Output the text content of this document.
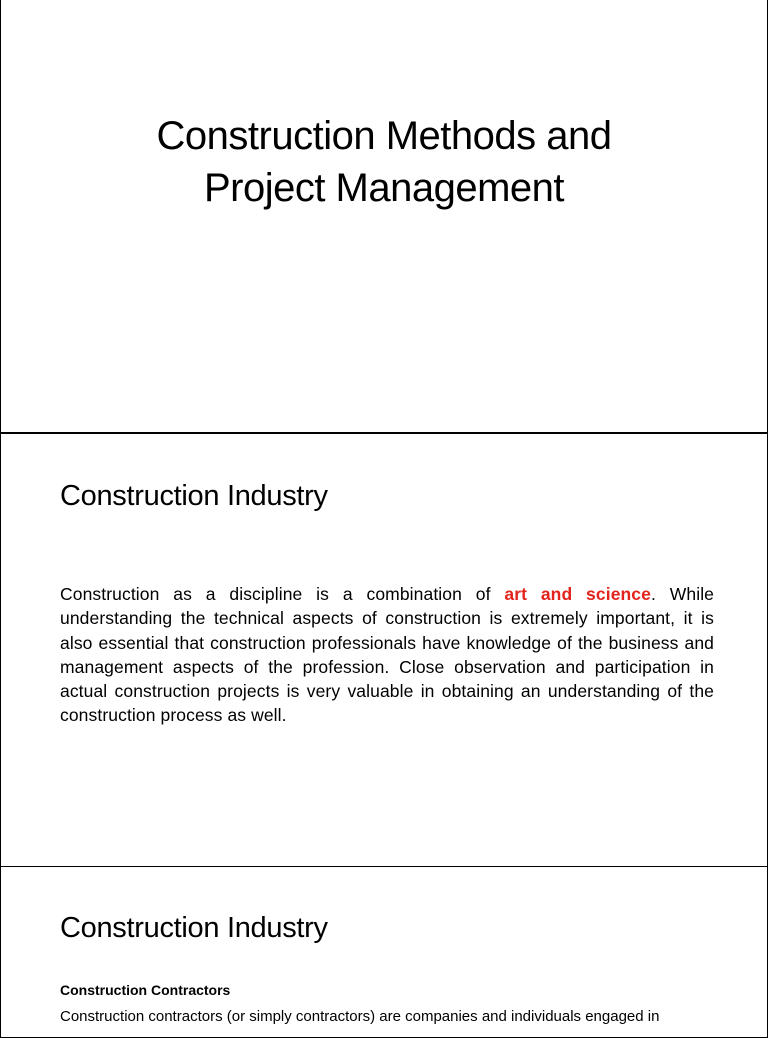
Construction Methods and
Project Management
Construction Industry
Construction as a discipline is a combination of art and science. While understanding the technical aspects of construction is extremely important, it is also essential that construction professionals have knowledge of the business and management aspects of the profession. Close observation and participation in actual construction projects is very valuable in obtaining an understanding of the construction process as well.
Construction Industry
Construction Contractors
Construction contractors (or simply contractors) are companies and individuals engaged in
